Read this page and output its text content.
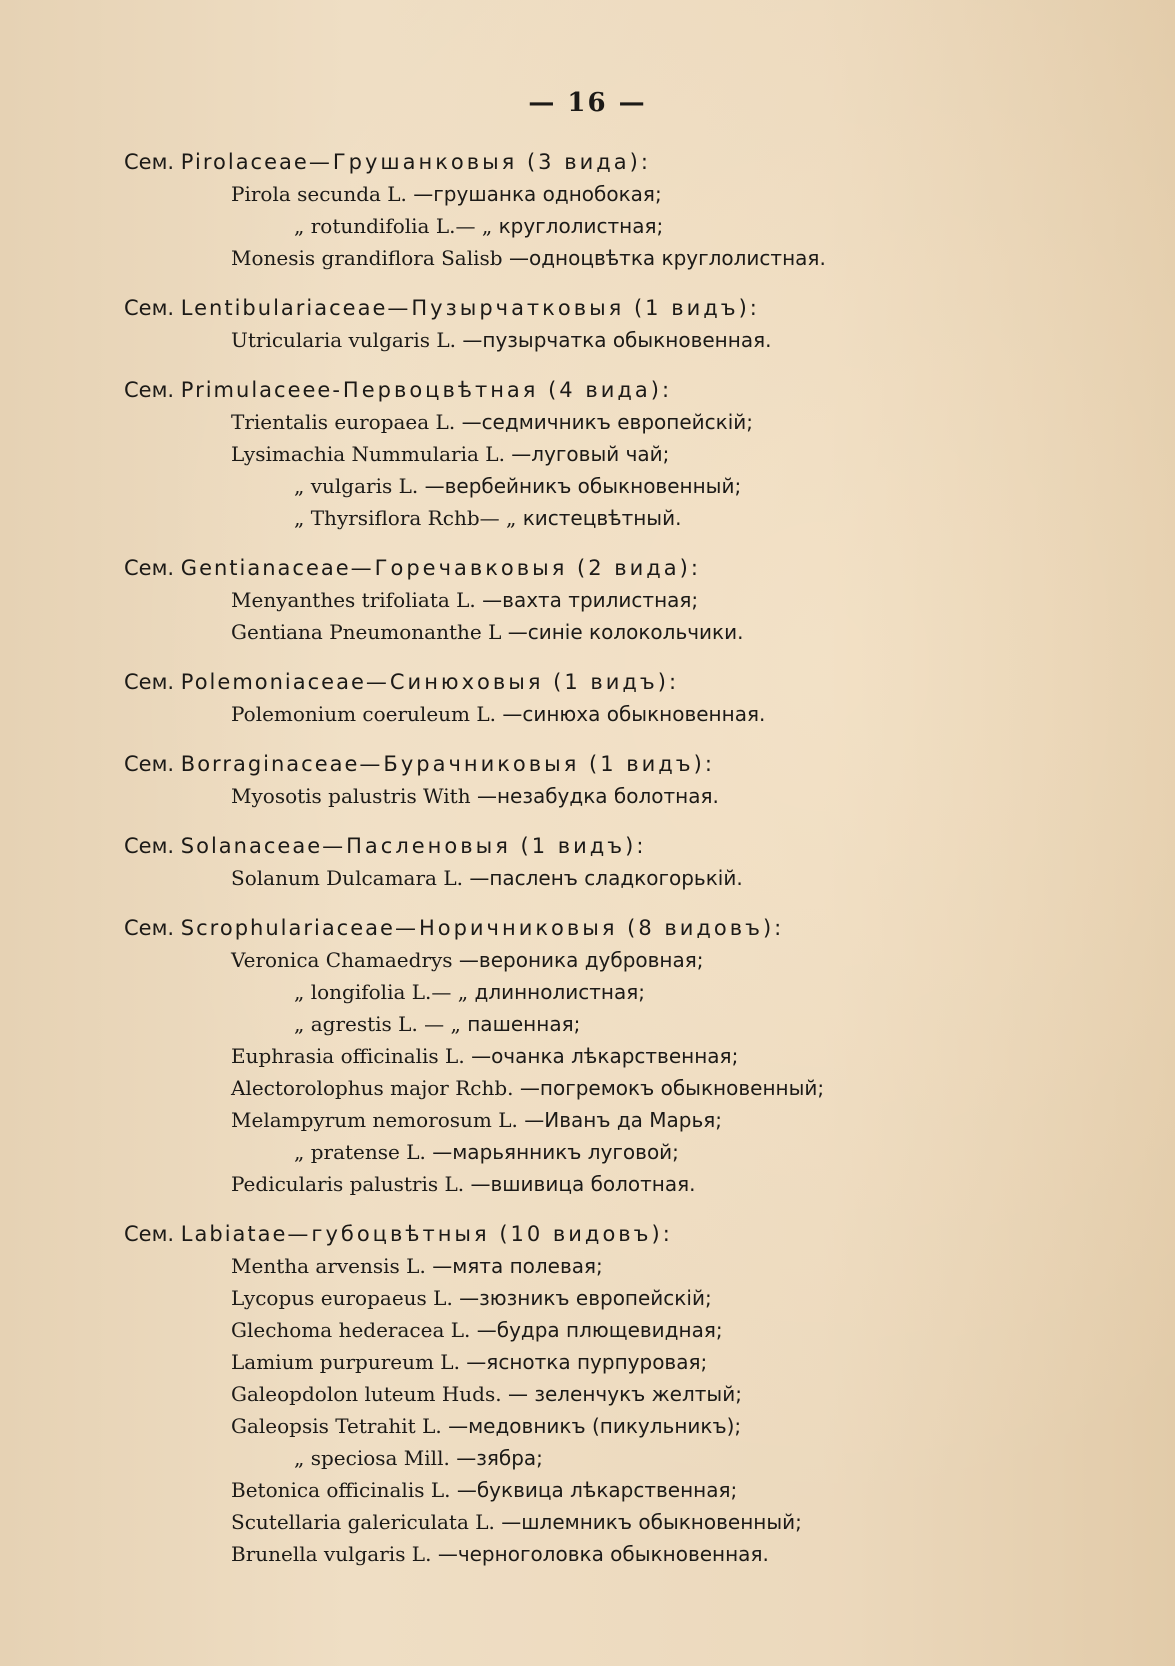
— 16 —
Сем. Pirolaceae—Грушанковыя (3 вида):
Pirola secunda L. —грушанка однобокая;
„ rotundifolia L.— „ круглолистная;
Monesis grandiflora Salisb —одноцвѣтка круглолистная.
Сем. Lentibulariaceae—Пузырчатковыя (1 видъ):
Utricularia vulgaris L. —пузырчатка обыкновенная.
Сем. Primulaceee-Первоцвѣтная (4 вида):
Trientalis europaea L. —седмичникъ европейскій;
Lysimachia Nummularia L. —луговый чай;
„ vulgaris L. —вербейникъ обыкновенный;
„ Thyrsiflora Rchb— „ кистецвѣтный.
Сем. Gentianaceae—Горечавковыя (2 вида):
Menyanthes trifoliata L. —вахта трилистная;
Gentiana Pneumonanthe L —синіе колокольчики.
Сем. Polemoniaceae—Синюховыя (1 видъ):
Polemonium coeruleum L. —синюха обыкновенная.
Сем. Borraginaceae—Бурачниковыя (1 видъ):
Myosotis palustris With —незабудка болотная.
Сем. Solanaceae—Пасленовыя (1 видъ):
Solanum Dulcamara L. —пасленъ сладкогорькій.
Сем. Scrophulariaceae—Норичниковыя (8 видовъ):
Veronica Chamaedrys —вероника дубровная;
„ longifolia L.— „ длиннолистная;
„ agrestis L. — „ пашенная;
Euphrasia officinalis L. —очанка лѣкарственная;
Alectorolophus major Rchb. —погремокъ обыкновенный;
Melampyrum nemorosum L. —Иванъ да Марья;
„ pratense L. —марьянникъ луговой;
Pedicularis palustris L. —вшивица болотная.
Сем. Labiatae—губоцвѣтныя (10 видовъ):
Mentha arvensis L. —мята полевая;
Lycopus europaeus L. —зюзникъ европейскій;
Glechoma hederacea L. —будра плющевидная;
Lamium purpureum L. —яснотка пурпуровая;
Galeopdolon luteum Huds. — зеленчукъ желтый;
Galeopsis Tetrahit L. —медовникъ (пикульникъ);
„ speciosa Mill. —зябра;
Betonica officinalis L. —буквица лѣкарственная;
Scutellaria galericulata L. —шлемникъ обыкновенный;
Brunella vulgaris L. —черноголовка обыкновенная.
